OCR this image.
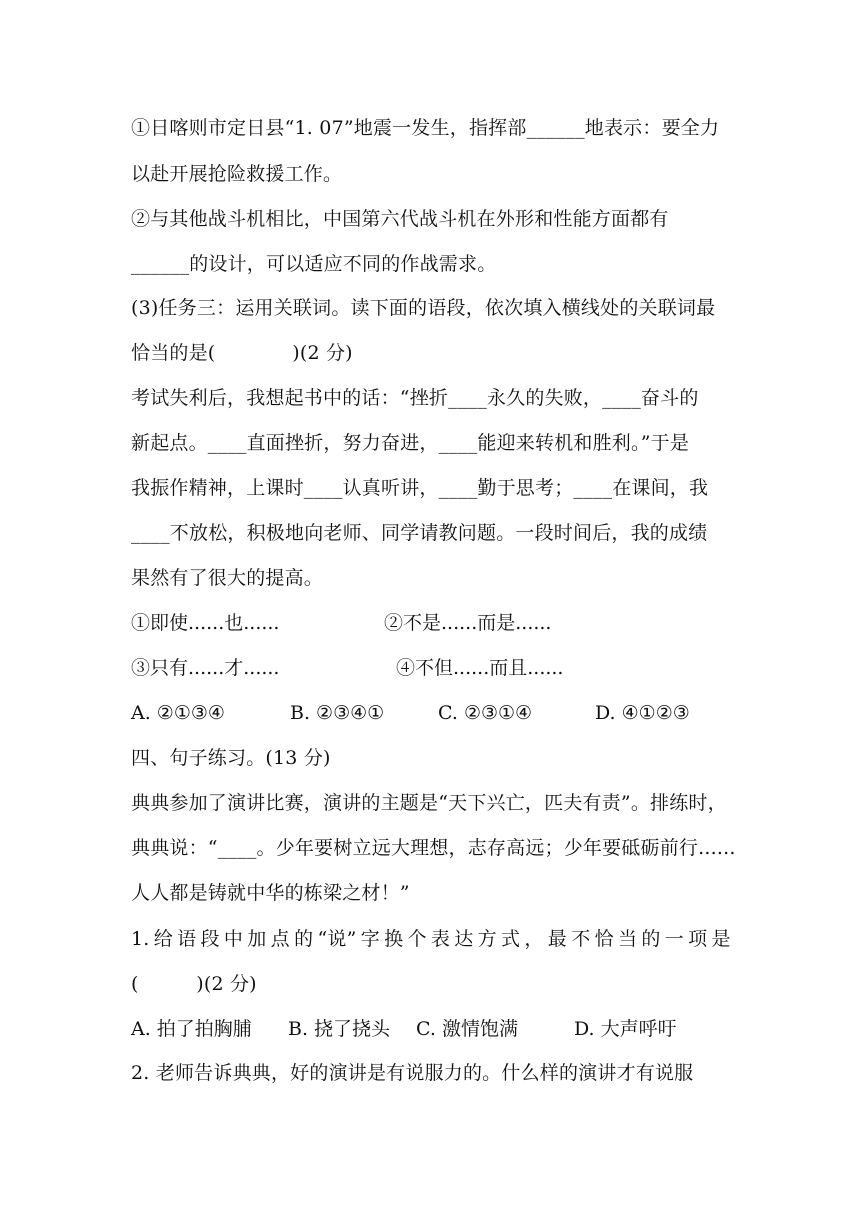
①日喀则市定日县“1. 07”地震一发生，指挥部______地表示：要全力
以赴开展抢险救援工作。
②与其他战斗机相比，中国第六代战斗机在外形和性能方面都有
______的设计，可以适应不同的作战需求。
(3)任务三：运用关联词。读下面的语段，依次填入横线处的关联词最
恰当的是(　　　　)(2 分)
考试失利后，我想起书中的话：“挫折____永久的失败，____奋斗的
新起点。____直面挫折，努力奋进，____能迎来转机和胜利。”于是
我振作精神，上课时____认真听讲，____勤于思考；____在课间，我
____不放松，积极地向老师、同学请教问题。一段时间后，我的成绩
果然有了很大的提高。
①即使......也......	②不是......而是......
③只有......才......	④不但......而且......
A. ②①③④	B. ②③④①	C. ②③①④	D. ④①②③
四、句子练习。(13 分)
典典参加了演讲比赛，演讲的主题是“天下兴亡，匹夫有责”。排练时，
典典说：“____。少年要树立远大理想，志存高远；少年要砥砺前行......
人人都是铸就中华的栋梁之材！”
1. 给 语 段 中 加 点 的 “说” 字 换 个 表 达 方 式 ， 最 不 恰 当 的 一 项 是
(　　　)(2 分)
A. 拍了拍胸脯 B. 挠了挠头 C. 激情饱满	D. 大声呼吁
2. 老师告诉典典，好的演讲是有说服力的。什么样的演讲才有说服
